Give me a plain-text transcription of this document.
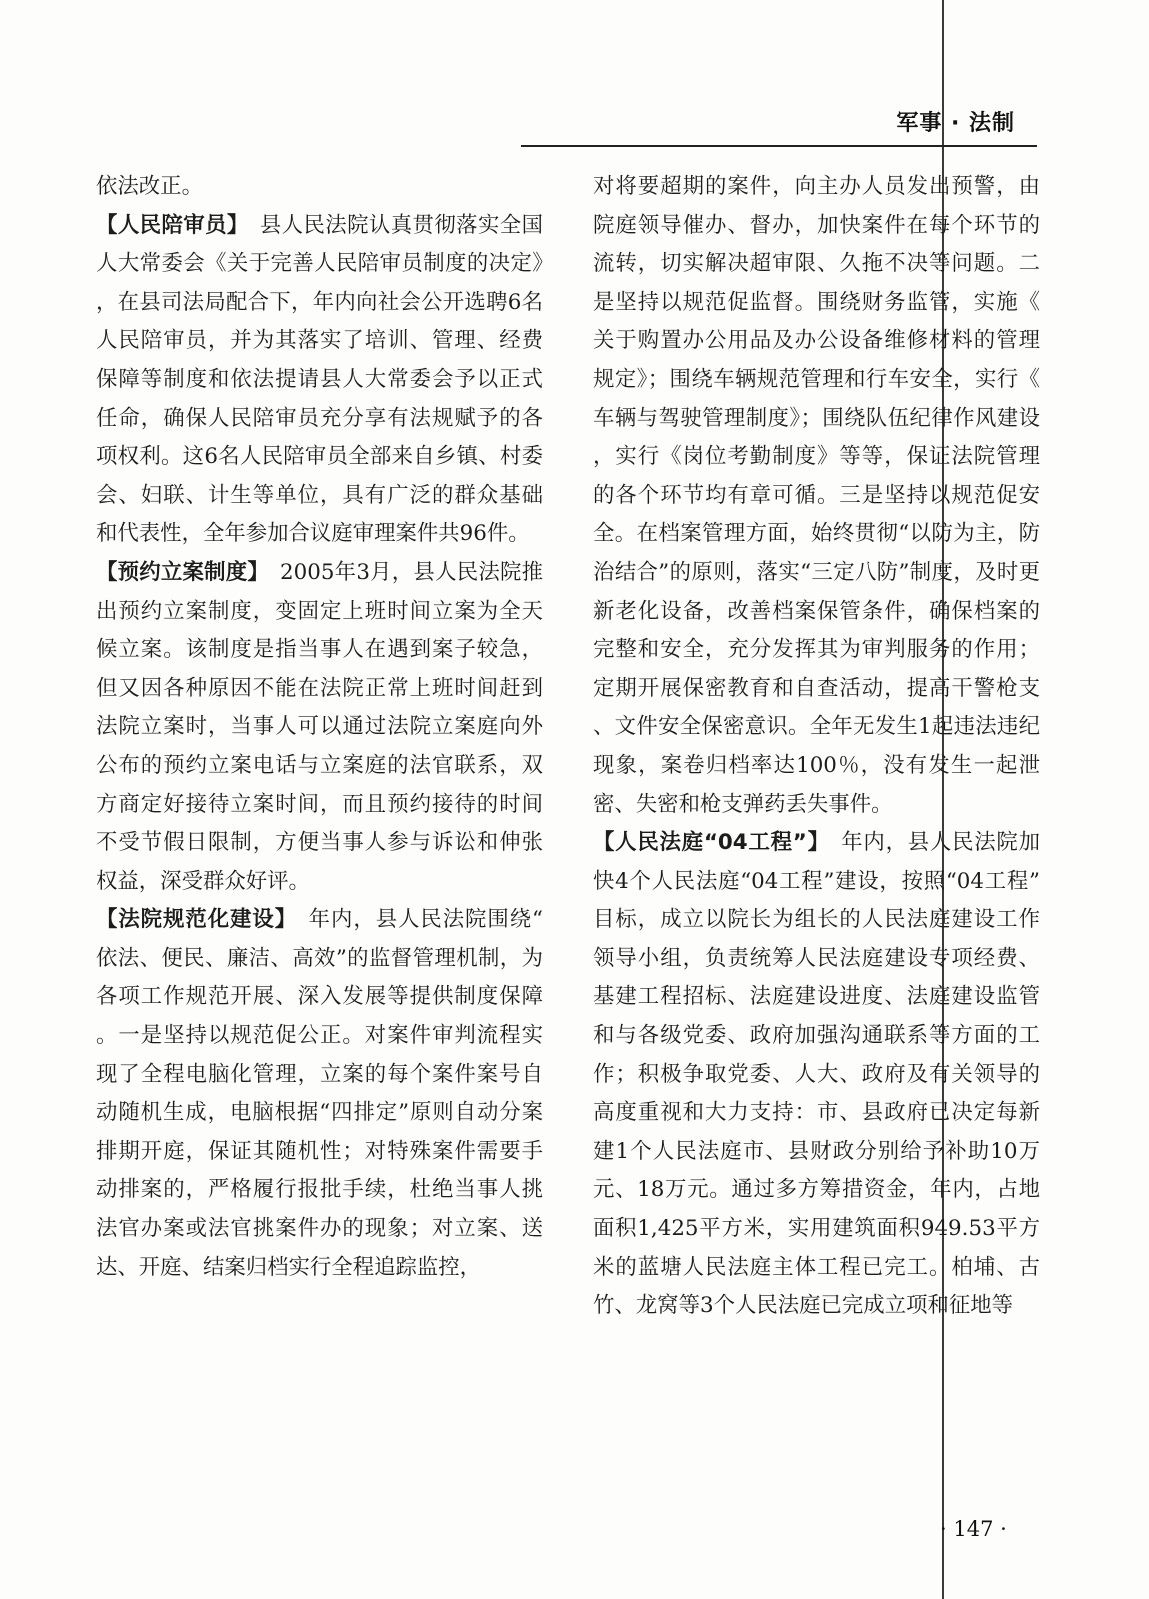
军事 · 法制

依法改正。

【人民陪审员】　县人民法院认真贯彻落实全国人大常委会《关于完善人民陪审员制度的决定》，在县司法局配合下，年内向社会公开选聘6名人民陪审员，并为其落实了培训、管理、经费保障等制度和依法提请县人大常委会予以正式任命，确保人民陪审员充分享有法规赋予的各项权利。这6名人民陪审员全部来自乡镇、村委会、妇联、计生等单位，具有广泛的群众基础和代表性，全年参加合议庭审理案件共96件。

【预约立案制度】　2005年3月，县人民法院推出预约立案制度，变固定上班时间立案为全天候立案。该制度是指当事人在遇到案子较急，但又因各种原因不能在法院正常上班时间赶到法院立案时，当事人可以通过法院立案庭向外公布的预约立案电话与立案庭的法官联系，双方商定好接待立案时间，而且预约接待的时间不受节假日限制，方便当事人参与诉讼和伸张权益，深受群众好评。

【法院规范化建设】　年内，县人民法院围绕“依法、便民、廉洁、高效”的监督管理机制，为各项工作规范开展、深入发展等提供制度保障。一是坚持以规范促公正。对案件审判流程实现了全程电脑化管理，立案的每个案件案号自动随机生成，电脑根据“四排定”原则自动分案排期开庭，保证其随机性；对特殊案件需要手动排案的，严格履行报批手续，杜绝当事人挑法官办案或法官挑案件办的现象；对立案、送达、开庭、结案归档实行全程追踪监控，

对将要超期的案件，向主办人员发出预警，由院庭领导催办、督办，加快案件在每个环节的流转，切实解决超审限、久拖不决等问题。二是坚持以规范促监督。围绕财务监管，实施《关于购置办公用品及办公设备维修材料的管理规定》；围绕车辆规范管理和行车安全，实行《车辆与驾驶管理制度》；围绕队伍纪律作风建设，实行《岗位考勤制度》等等，保证法院管理的各个环节均有章可循。三是坚持以规范促安全。在档案管理方面，始终贯彻“以防为主，防治结合”的原则，落实“三定八防”制度，及时更新老化设备，改善档案保管条件，确保档案的完整和安全，充分发挥其为审判服务的作用；定期开展保密教育和自查活动，提高干警枪支、文件安全保密意识。全年无发生1起违法违纪现象，案卷归档率达100％，没有发生一起泄密、失密和枪支弹药丢失事件。

【人民法庭“04工程”】　年内，县人民法院加快4个人民法庭“04工程”建设，按照“04工程”目标，成立以院长为组长的人民法庭建设工作领导小组，负责统筹人民法庭建设专项经费、基建工程招标、法庭建设进度、法庭建设监管和与各级党委、政府加强沟通联系等方面的工作；积极争取党委、人大、政府及有关领导的高度重视和大力支持：市、县政府已决定每新建1个人民法庭市、县财政分别给予补助10万元、18万元。通过多方筹措资金，年内，占地面积1,425平方米，实用建筑面积949.53平方米的蓝塘人民法庭主体工程已完工。柏埔、古竹、龙窝等3个人民法庭已完成立项和征地等

· 147 ·
